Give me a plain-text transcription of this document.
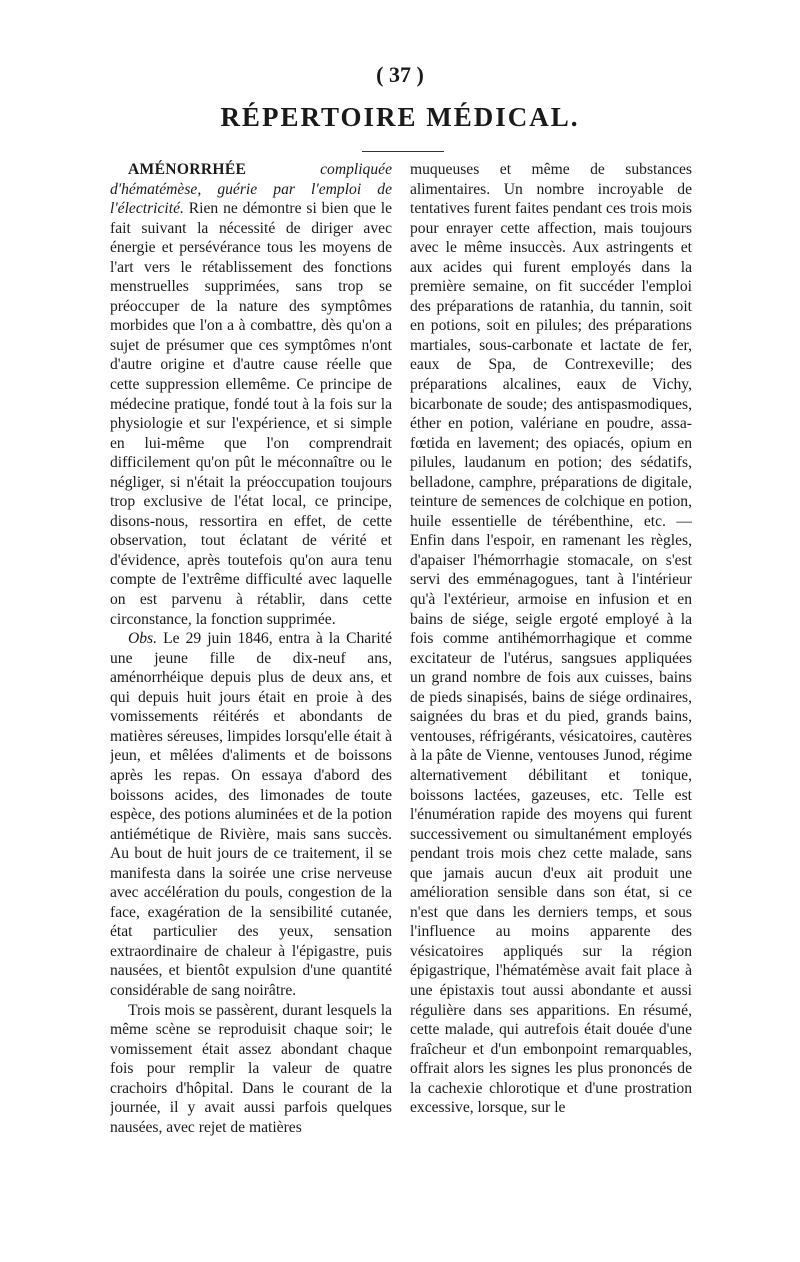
( 37 )
RÉPERTOIRE MÉDICAL.

AMÉNORRHÉE	compliquée d'hématémèse, guérie par l'emploi de l'électricité. Rien ne démontre si bien que le fait suivant la nécessité de diriger avec énergie et persévérance tous les moyens de l'art vers le rétablissement des fonctions menstruelles supprimées, sans trop se préoccuper de la nature des symptômes morbides que l'on a à combattre, dès qu'on a sujet de présumer que ces symptômes n'ont d'autre origine et d'autre cause réelle que cette suppression ellemême. Ce principe de médecine pratique, fondé tout à la fois sur la physiologie et sur l'expérience, et si simple en lui-même que l'on comprendrait difficilement qu'on pût le méconnaître ou le négliger, si n'était la préoccupation toujours trop exclusive de l'état local, ce principe, disons-nous, ressortira en effet, de cette observation, tout éclatant de vérité et d'évidence, après toutefois qu'on aura tenu compte de l'extrême difficulté avec laquelle on est parvenu à rétablir, dans cette circonstance, la fonction supprimée.

Obs. Le 29 juin 1846, entra à la Charité une jeune fille de dix-neuf ans, aménorrhéique depuis plus de deux ans, et qui depuis huit jours était en proie à des vomissements réitérés et abondants de matières séreuses, limpides lorsqu'elle était à jeun, et mêlées d'aliments et de boissons après les repas. On essaya d'abord des boissons acides, des limonades de toute espèce, des potions aluminées et de la potion antiémétique de Rivière, mais sans succès. Au bout de huit jours de ce traitement, il se manifesta dans la soirée une crise nerveuse avec accélération du pouls, congestion de la face, exagération de la sensibilité cutanée, état particulier des yeux, sensation extraordinaire de chaleur à l'épigastre, puis nausées, et bientôt expulsion d'une quantité considérable de sang noirâtre.

Trois mois se passèrent, durant lesquels la même scène se reproduisit chaque soir; le vomissement était assez abondant chaque fois pour remplir la valeur de quatre crachoirs d'hôpital. Dans le courant de la journée, il y avait aussi parfois quelques nausées, avec rejet de matières

muqueuses et même de substances alimentaires. Un nombre incroyable de tentatives furent faites pendant ces trois mois pour enrayer cette affection, mais toujours avec le même insuccès. Aux astringents et aux acides qui furent employés dans la première semaine, on fit succéder l'emploi des préparations de ratanhia, du tannin, soit en potions, soit en pilules; des préparations martiales, sous-carbonate et lactate de fer, eaux de Spa, de Contrexeville; des préparations alcalines, eaux de Vichy, bicarbonate de soude; des antispasmodiques, éther en potion, valériane en poudre, assa-fœtida en lavement; des opiacés, opium en pilules, laudanum en potion; des sédatifs, belladone, camphre, préparations de digitale, teinture de semences de colchique en potion, huile essentielle de térébenthine, etc. — Enfin dans l'espoir, en ramenant les règles, d'apaiser l'hémorrhagie stomacale, on s'est servi des emménagogues, tant à l'intérieur qu'à l'extérieur, armoise en infusion et en bains de siége, seigle ergoté employé à la fois comme antihémorrhagique et comme excitateur de l'utérus, sangsues appliquées un grand nombre de fois aux cuisses, bains de pieds sinapisés, bains de siége ordinaires, saignées du bras et du pied, grands bains, ventouses, réfrigérants, vésicatoires, cautères à la pâte de Vienne, ventouses Junod, régime alternativement débilitant et tonique, boissons lactées, gazeuses, etc. Telle est l'énumération rapide des moyens qui furent successivement ou simultanément employés pendant trois mois chez cette malade, sans que jamais aucun d'eux ait produit une amélioration sensible dans son état, si ce n'est que dans les derniers temps, et sous l'influence au moins apparente des vésicatoires appliqués sur la région épigastrique, l'hématémèse avait fait place à une épistaxis tout aussi abondante et aussi régulière dans ses apparitions. En résumé, cette malade, qui autrefois était douée d'une fraîcheur et d'un embonpoint remarquables, offrait alors les signes les plus prononcés de la cachexie chlorotique et d'une prostration excessive, lorsque, sur le
